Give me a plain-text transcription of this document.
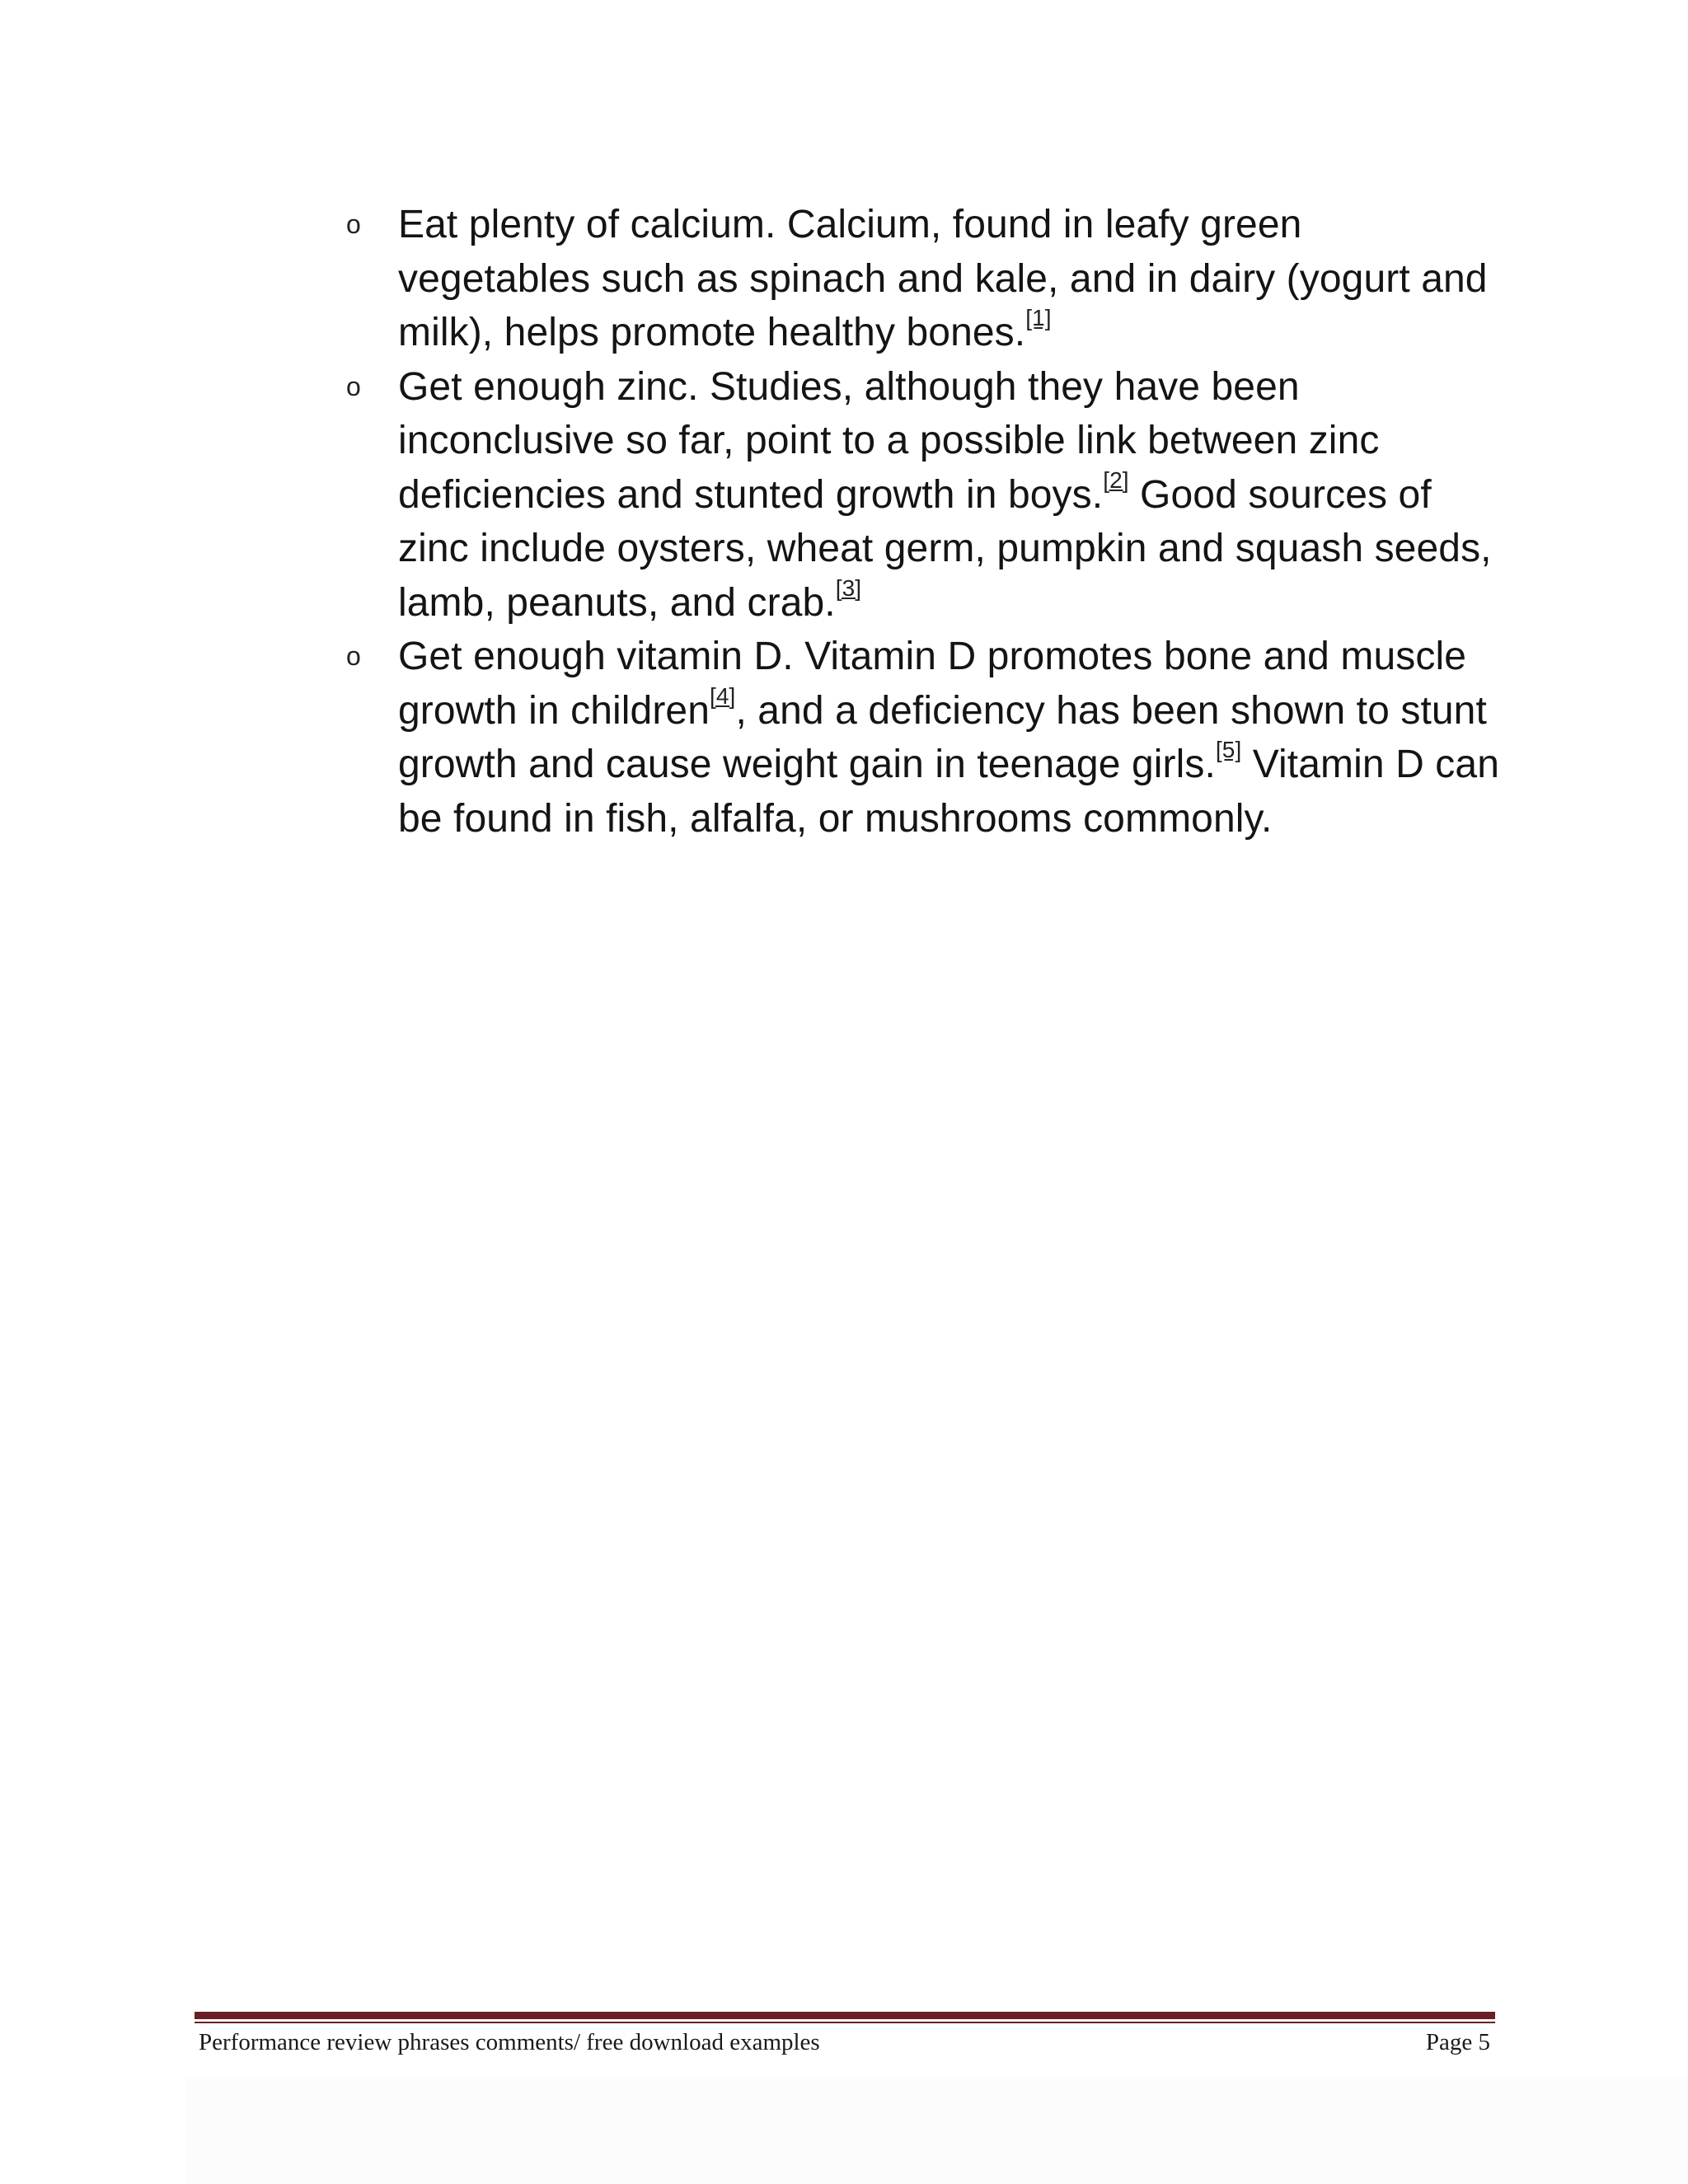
o Eat plenty of calcium. Calcium, found in leafy green vegetables such as spinach and kale, and in dairy (yogurt and milk), helps promote healthy bones.[1]
o Get enough zinc. Studies, although they have been inconclusive so far, point to a possible link between zinc deficiencies and stunted growth in boys.[2] Good sources of zinc include oysters, wheat germ, pumpkin and squash seeds, lamb, peanuts, and crab.[3]
o Get enough vitamin D. Vitamin D promotes bone and muscle growth in children[4], and a deficiency has been shown to stunt growth and cause weight gain in teenage girls.[5] Vitamin D can be found in fish, alfalfa, or mushrooms commonly.
Performance review phrases comments/ free download examples	Page 5
